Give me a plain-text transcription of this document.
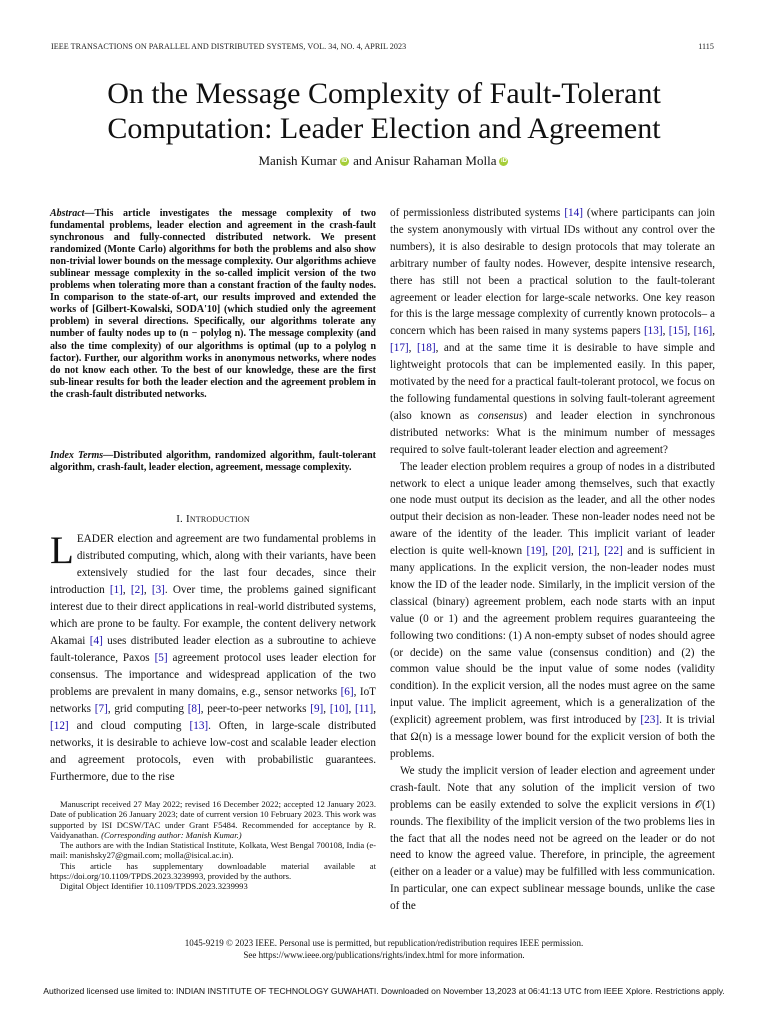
IEEE TRANSACTIONS ON PARALLEL AND DISTRIBUTED SYSTEMS, VOL. 34, NO. 4, APRIL 2023	1115
On the Message Complexity of Fault-Tolerant Computation: Leader Election and Agreement
Manish Kumar iD and Anisur Rahaman Molla iD
Abstract—This article investigates the message complexity of two fundamental problems, leader election and agreement in the crash-fault synchronous and fully-connected distributed network. We present randomized (Monte Carlo) algorithms for both the problems and also show non-trivial lower bounds on the message complexity. Our algorithms achieve sublinear message complexity in the so-called implicit version of the two problems when tolerating more than a constant fraction of the faulty nodes. In comparison to the state-of-art, our results improved and extended the works of [Gilbert-Kowalski, SODA'10] (which studied only the agreement problem) in several directions. Specifically, our algorithms tolerate any number of faulty nodes up to (n − polylog n). The message complexity (and also the time complexity) of our algorithms is optimal (up to a polylog n factor). Further, our algorithm works in anonymous networks, where nodes do not know each other. To the best of our knowledge, these are the first sub-linear results for both the leader election and the agreement problem in the crash-fault distributed networks.
Index Terms—Distributed algorithm, randomized algorithm, fault-tolerant algorithm, crash-fault, leader election, agreement, message complexity.
I. Introduction

LEADER election and agreement are two fundamental problems in distributed computing, which, along with their variants, have been extensively studied for the last four decades, since their introduction [1], [2], [3]. Over time, the problems gained significant interest due to their direct applications in real-world distributed systems, which are prone to be faulty. For example, the content delivery network Akamai [4] uses distributed leader election as a subroutine to achieve fault-tolerance, Paxos [5] agreement protocol uses leader election for consensus. The importance and widespread application of the two problems are prevalent in many domains, e.g., sensor networks [6], IoT networks [7], grid computing [8], peer-to-peer networks [9], [10], [11], [12] and cloud computing [13]. Often, in large-scale distributed networks, it is desirable to achieve low-cost and scalable leader election and agreement protocols, even with probabilistic guarantees. Furthermore, due to the rise

Manuscript received 27 May 2022; revised 16 December 2022; accepted 12 January 2023. Date of publication 26 January 2023; date of current version 10 February 2023. This work was supported by ISI DCSW/TAC under Grant F5484. Recommended for acceptance by R. Vaidyanathan. (Corresponding author: Manish Kumar.)

The authors are with the Indian Statistical Institute, Kolkata, West Bengal 700108, India (e-mail: manishsky27@gmail.com; molla@isical.ac.in).

This article has supplementary downloadable material available at https://doi.org/10.1109/TPDS.2023.3239993, provided by the authors.

Digital Object Identifier 10.1109/TPDS.2023.3239993

of permissionless distributed systems [14] (where participants can join the system anonymously with virtual IDs without any control over the numbers), it is also desirable to design protocols that may tolerate an arbitrary number of faulty nodes. However, despite intensive research, there has still not been a practical solution to the fault-tolerant agreement or leader election for large-scale networks. One key reason for this is the large message complexity of currently known protocols– a concern which has been raised in many systems papers [13], [15], [16], [17], [18], and at the same time it is desirable to have simple and lightweight protocols that can be implemented easily. In this paper, motivated by the need for a practical fault-tolerant protocol, we focus on the following fundamental questions in solving fault-tolerant agreement (also known as consensus) and leader election in synchronous distributed networks: What is the minimum number of messages required to solve fault-tolerant leader election and agreement?

The leader election problem requires a group of nodes in a distributed network to elect a unique leader among themselves, such that exactly one node must output its decision as the leader, and all the other nodes output their decision as non-leader. These non-leader nodes need not be aware of the identity of the leader. This implicit variant of leader election is quite well-known [19], [20], [21], [22] and is sufficient in many applications. In the explicit version, the non-leader nodes must know the ID of the leader node. Similarly, in the implicit version of the classical (binary) agreement problem, each node starts with an input value (0 or 1) and the agreement problem requires guaranteeing the following two conditions: (1) A non-empty subset of nodes should agree (or decide) on the same value (consensus condition) and (2) the common value should be the input value of some nodes (validity condition). In the explicit version, all the nodes must agree on the same input value. The implicit agreement, which is a generalization of the (explicit) agreement problem, was first introduced by [23]. It is trivial that Ω(n) is a message lower bound for the explicit version of both the problems.

We study the implicit version of leader election and agreement under crash-fault. Note that any solution of the implicit version of two problems can be easily extended to solve the explicit versions in 𝒪(1) rounds. The flexibility of the implicit version of the two problems lies in the fact that all the nodes need not be agreed on the leader or do not need to know the agreed value. Therefore, in principle, the agreement (either on a leader or a value) may be fulfilled with less communication. In particular, one can expect sublinear message bounds, unlike the case of the

1045-9219 © 2023 IEEE. Personal use is permitted, but republication/redistribution requires IEEE permission.
See https://www.ieee.org/publications/rights/index.html for more information.
Authorized licensed use limited to: INDIAN INSTITUTE OF TECHNOLOGY GUWAHATI. Downloaded on November 13,2023 at 06:41:13 UTC from IEEE Xplore. Restrictions apply.
